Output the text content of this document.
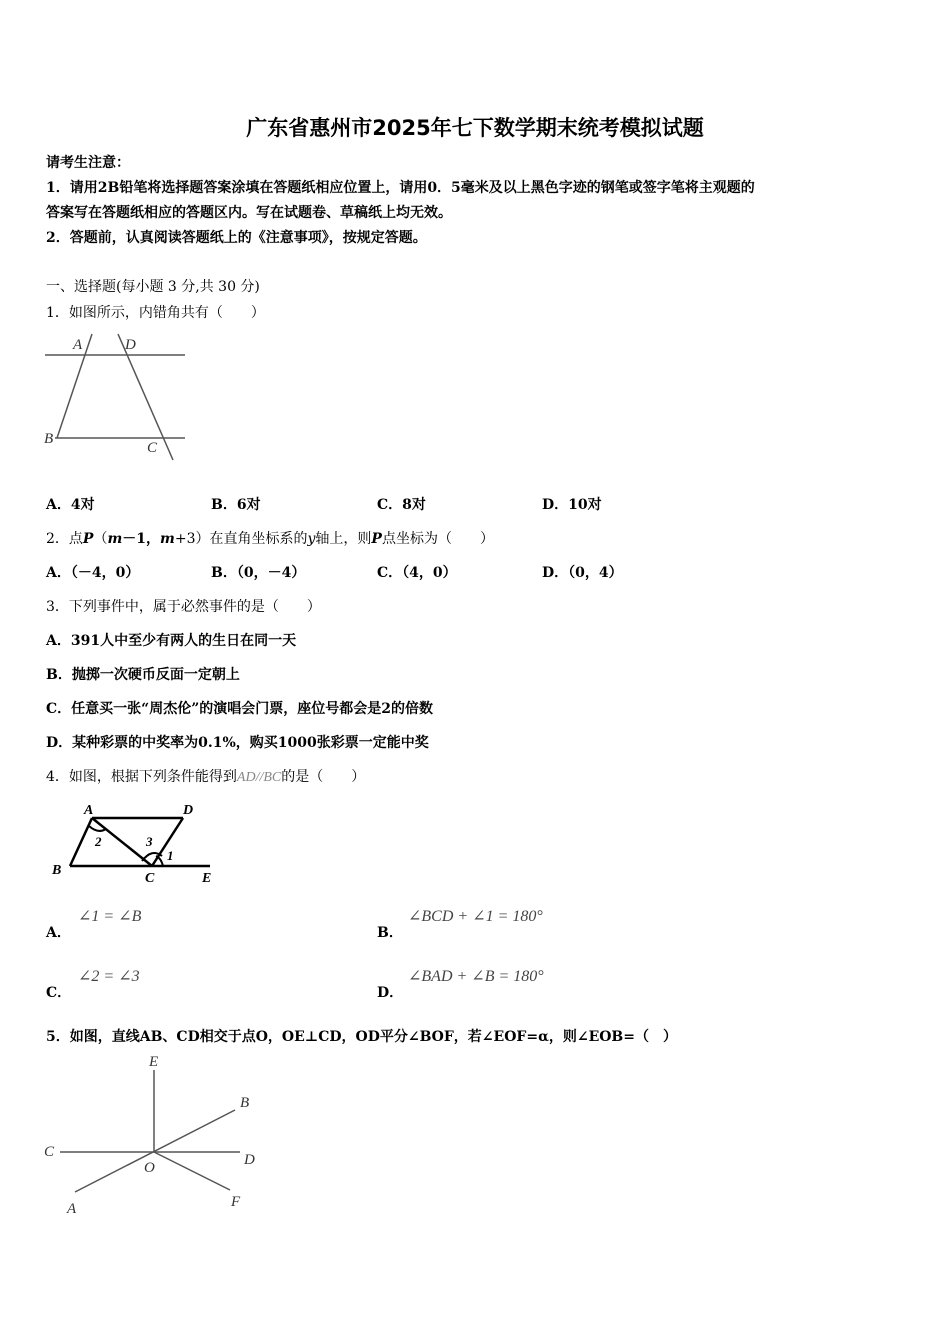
广东省惠州市2025年七下数学期末统考模拟试题
请考生注意：
1．请用2B铅笔将选择题答案涂填在答题纸相应位置上，请用0．5毫米及以上黑色字迹的钢笔或签字笔将主观题的
答案写在答题纸相应的答题区内。写在试题卷、草稿纸上均无效。
2．答题前，认真阅读答题纸上的《注意事项》，按规定答题。
一、选择题(每小题 3 分,共 30 分)
1．如图所示，内错角共有（　　）
A	D
B
C
A．4对	B．6对	C．8对	D．10对
2．点P（m－1，m+3）在直角坐标系的y轴上，则P点坐标为（　　）
A．（－4，0）	B．（0，－4）	C．（4，0）	D．（0，4）
3．下列事件中，属于必然事件的是（　　）
A．391人中至少有两人的生日在同一天
B．抛掷一次硬币反面一定朝上
C．任意买一张“周杰伦”的演唱会门票，座位号都会是2的倍数
D．某种彩票的中奖率为0.1%，购买1000张彩票一定能中奖
4．如图，根据下列条件能得到AD//BC的是（　　）
A	D
B
C	E
2	3
1
A．
∠1 = ∠B
B．
∠BCD + ∠1 = 180°
C．
∠2 = ∠3
D．
∠BAD + ∠B = 180°
5．如图，直线AB、CD相交于点O，OE⊥CD，OD平分∠BOF，若∠EOF=α，则∠EOB=（　）
E
B
C	D
O
A	F
